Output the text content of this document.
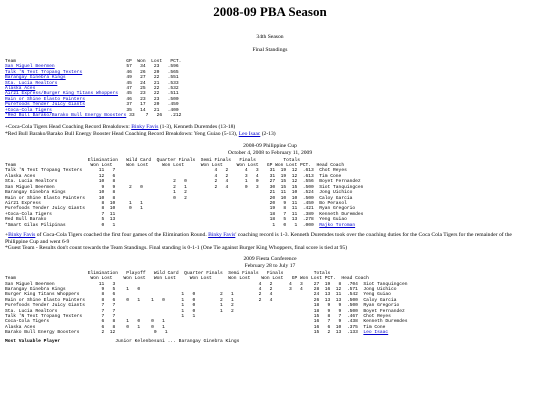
2008-09 PBA Season
34th Season
Final Standings
Team                                        GP  Won  Lost   PCT.
San Miguel Beermen	57   34   23   .596
Talk 'N Text Tropang Texters	46   26   20   .565
Barangay Ginebra Kings	49   27   22   .551
Sta. Lucia Realtors	45   24   21   .533
Alaska Aces	47   25   22   .532
Air21 Express/Burger King Titans Whoppers 45   23   22   .511
Rain or Shine Elasto Painters	46   23   23   .500
Purefoods Tender Juicy Giants	37   17   20   .459
+Coca-Cola Tigers	35   14   21   .400
*Red Bull Barako/Barako Bull Energy Boosters 33    7   26   .212

+Coca-Cola Tigers Head Coaching Record Breakdown: Binky Favis (1-3), Kenneth Duremdes (13-18)

*Red Bull Barako/Barako Bull Energy Booster Head Coaching Record Breakdown: Yeng Guiao (5-13), Leo Isaac (2-13)

2008-09 Philippine Cup
October 4, 2008 to February 11, 2009
Elimination   Wild Card  Quarter Finals  Semi Finals   Finals          Totals
Team                           Won Lost     Won Lost     Won Lost      Won Lost     Won Lost   GP Won Lost PCT.  Head Coach
Talk 'N Text Tropang Texters      11   7                                    4   2      4   3    31  19  12  .613  Chot Reyes
Alaska Aces                       12   6                                    4   2      3   4    31  19  12  .613  Tim Cone
Sta. Lucia Realtors               10   8                     2   0          2   4      1   0    27  15  12  .556  Boyet Fernandez
San Miguel Beermen                 9   9     2   0           2   1          2   4      0   3    30  15  15  .500  Siot Tanquingcen
Barangay Ginebra Kings            10   8                     1   2                              21  11  10  .524  Jong Uichico
Rain or Shine Elasto Painters     10   8                     0   2                              20  10  10  .500  Caloy Garcia
Air21 Express                      8  10     1   1                                              20   9  11  .450  Bo Perasol
Purefoods Tender Juicy Giants      8  10     0   1                                              19   8  11  .421  Ryan Gregorio
+Coca-Cola Tigers                  7  11                                                        18   7  11  .389  Kenneth Duremdes
Red Bull Barako                    5  13                                                        18   5  13  .278  Yeng Guiao
*Smart Gilas Pilipinas             0   1                                                         1   0   1  .000  Rajko Toroman

+Binky Favis of Coca-Cola Tigers coached the first four games of the Elimination Round. Binky Favis' coaching record is 1-3. Kenneth Duremdes took over the coaching duties for the Coca Cola Tigers for the remainder of the Philippine Cup and went 6-9

*Guest Team - Results don't count towards the Team Standings. Final standing is 0-1-1 (One Tie against Burger King Whoppers, final score is tied at 95)

2009 Fiesta Conference
February 28 to July 17
Elimination   Playoff   Wild Card  Quarter Finals  Semi Finals   Finals           Totals
Team                           Won Lost    Won Lost   Won Lost     Won Lost      Won Lost    Won Lost   GP Won Lost PCT.  Head Coach
San Miguel Beermen                11   3                                                    4   2      4   3    27  19   8  .704  Siot Tanquingcen
Barangay Ginebra Kings             9   5    1   0                                           4   2      3   4    28  16  12  .571  Jong Uichico
Burger King Titans Whoppers        8   6                        1   0         2   1         2   4               24  13  11  .542  Yeng Guiao
Rain or Shine Elasto Painters      8   6    0   1    1   0      1   0         2   1         2   4               26  13  13  .500  Caloy Garcia
Purefoods Tender Juicy Giants      7   7                        1   0         1   2                             18   9   9  .500  Ryan Gregorio
Sta. Lucia Realtors                7   7                        1   0         1   2                             18   9   9  .500  Boyet Fernandez
Talk 'N Text Tropang Texters       7   7                        1   1                                           15   8   7  .467  Chot Reyes
Coca-Cola Tigers                   6   8    1   0    0   1                                                      16   7   9  .438  Kenneth Duremdes
Alaska Aces                        6   8    0   1    0   1                                                      16   6  10  .375  Tim Cone
Barako Bull Energy Boosters        2  12              0   1                                                     15   2  13  .133  Leo Isaac
Most Valuable Player	Junior Kelenbesuni ... Barangay Ginebra Kings
